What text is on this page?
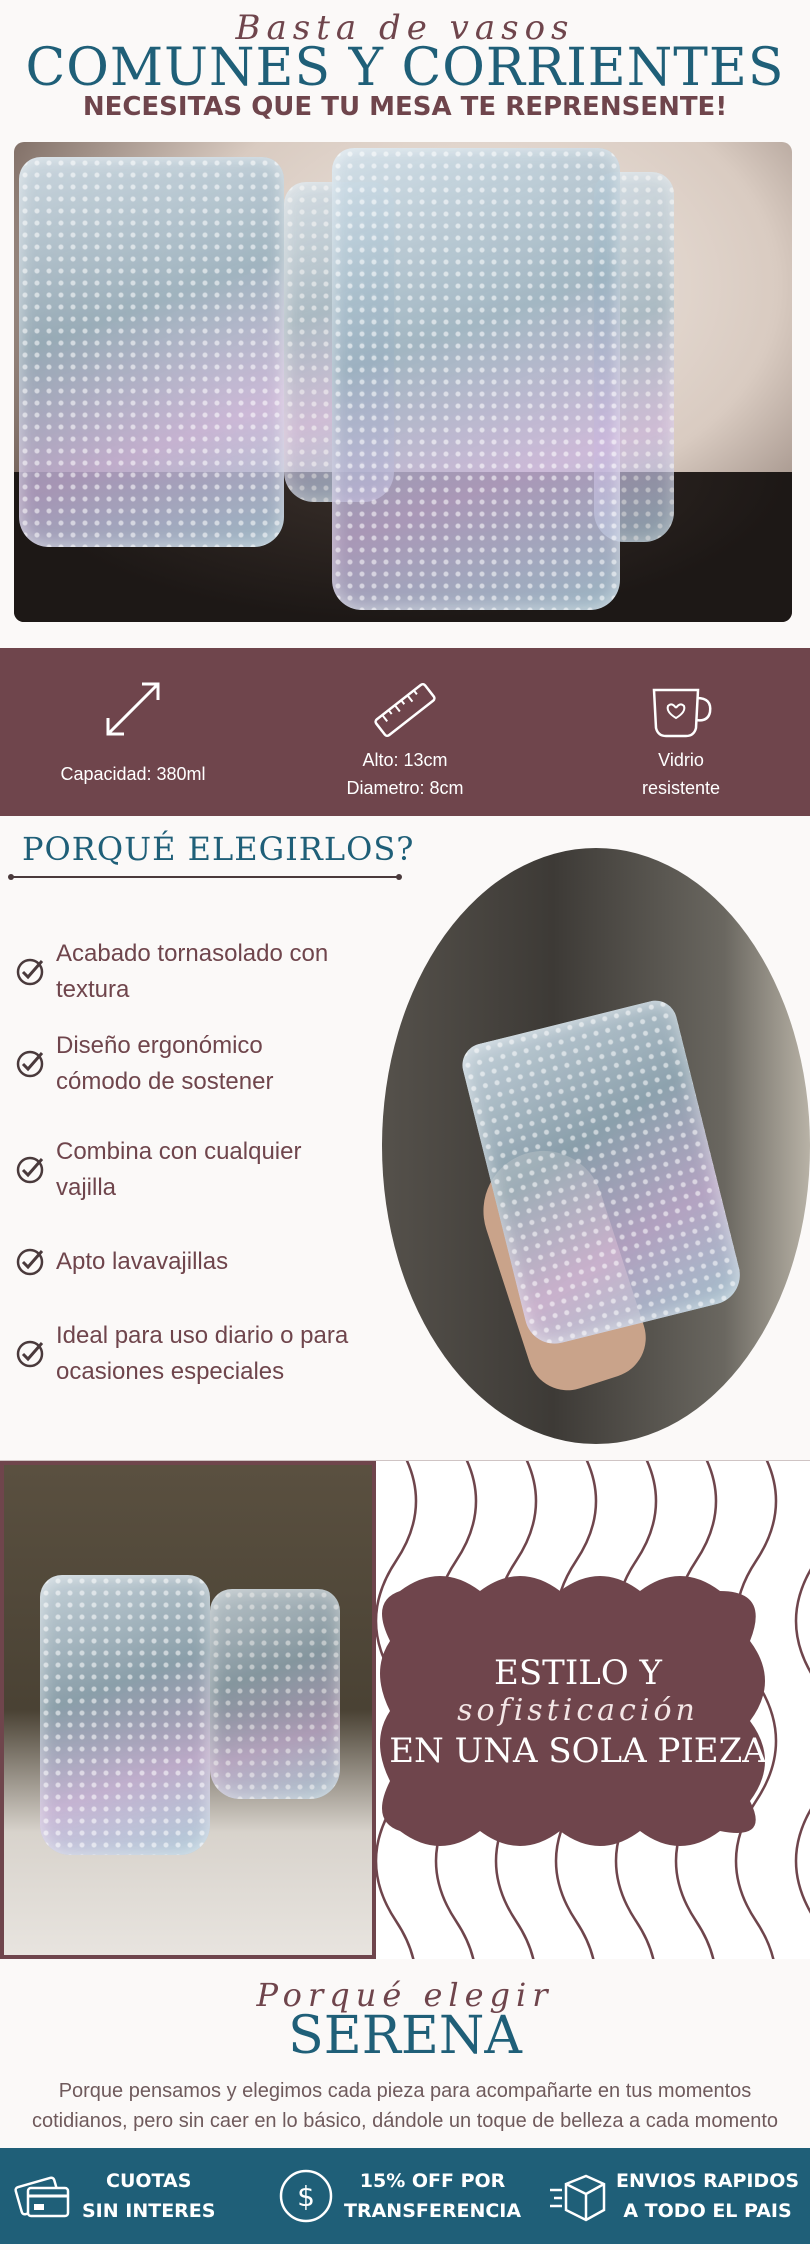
Basta de vasos
COMUNES Y CORRIENTES
NECESITAS QUE TU MESA TE REPRENSENTE!
Capacidad: 380ml
Alto: 13cm
Diametro: 8cm
Vidrio
resistente
PORQUÉ ELEGIRLOS?
Acabado tornasolado con
textura
Diseño ergonómico
cómodo de sostener
Combina con cualquier
vajilla
Apto lavavajillas
Ideal para uso diario o para
ocasiones especiales
ESTILO Y
sofisticación
EN UNA SOLA PIEZA
Porqué elegir
SERENA
Porque pensamos y elegimos cada pieza para acompañarte en tus momentos
cotidianos, pero sin caer en lo básico, dándole un toque de belleza a cada momento
CUOTAS
SIN INTERES	$	15% OFF POR
TRANSFERENCIA
ENVIOS RAPIDOS
A TODO EL PAIS
